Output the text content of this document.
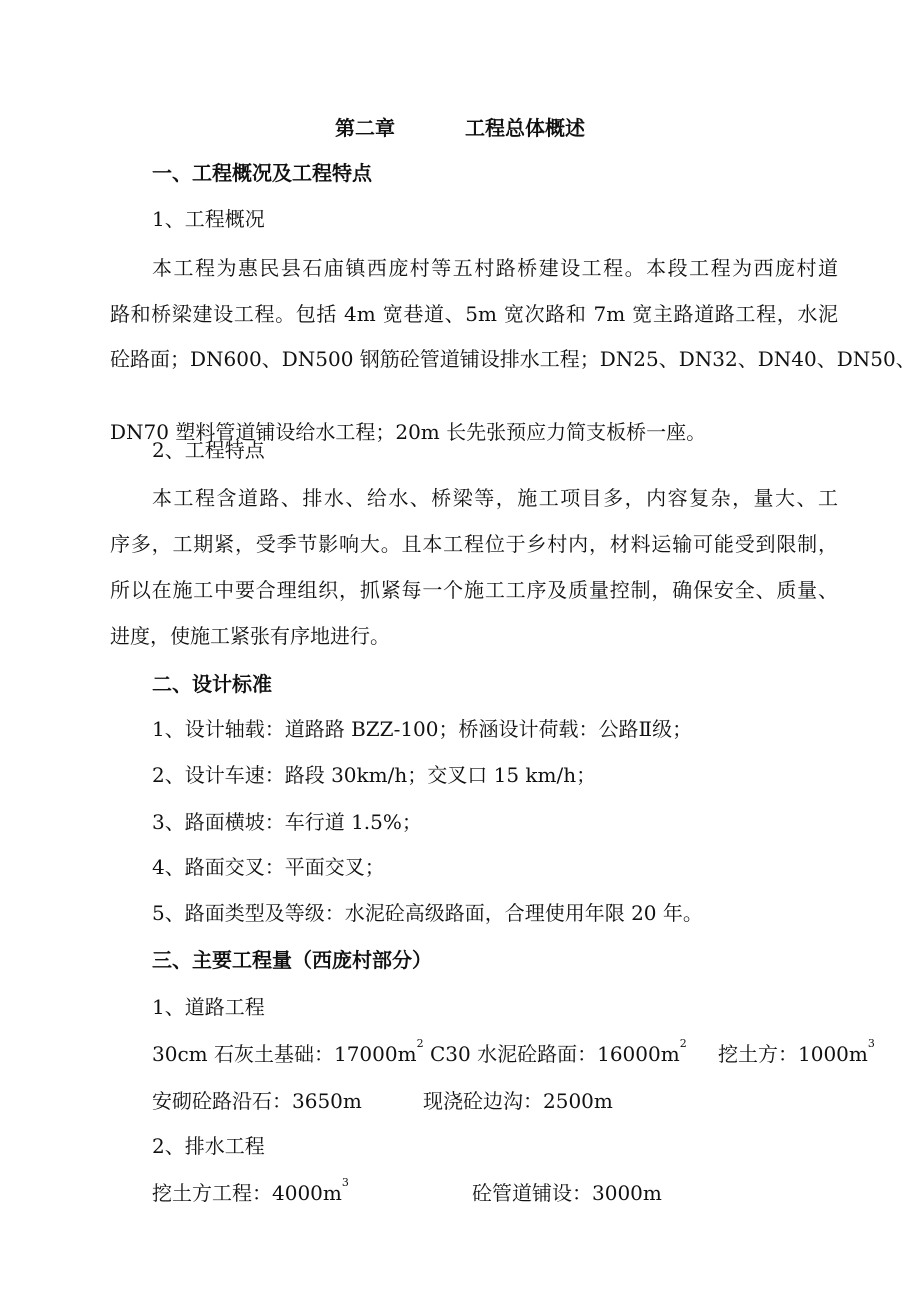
第二章	工程总体概述
一、工程概况及工程特点
1、工程概况
本工程为惠民县石庙镇西庞村等五村路桥建设工程。本段工程为西庞村道
路和桥梁建设工程。包括 4m 宽巷道、5m 宽次路和 7m 宽主路道路工程，水泥
砼路面；DN600、DN500 钢筋砼管道铺设排水工程；DN25、DN32、DN40、DN50、
DN70 塑料管道铺设给水工程；20m 长先张预应力简支板桥一座。
2、工程特点
本工程含道路、排水、给水、桥梁等，施工项目多，内容复杂，量大、工
序多，工期紧，受季节影响大。且本工程位于乡村内，材料运输可能受到限制，
所以在施工中要合理组织，抓紧每一个施工工序及质量控制，确保安全、质量、
进度，使施工紧张有序地进行。
二、设计标准
1、设计轴载：道路路 BZZ-100；桥涵设计荷载：公路Ⅱ级；
2、设计车速：路段 30km/h；交叉口 15 km/h；
3、路面横坡：车行道 1.5%；
4、路面交叉：平面交叉；
5、路面类型及等级：水泥砼高级路面，合理使用年限 20 年。
三、主要工程量（西庞村部分）
1、道路工程
30cm 石灰土基础：$17000m^2$ C30 水泥砼路面：$16000m^2$ 挖土方：$1000m^3$
安砌砼路沿石：3650m	现浇砼边沟：2500m
2、排水工程
挖土方工程：$4000m^3$	砼管道铺设：3000m
